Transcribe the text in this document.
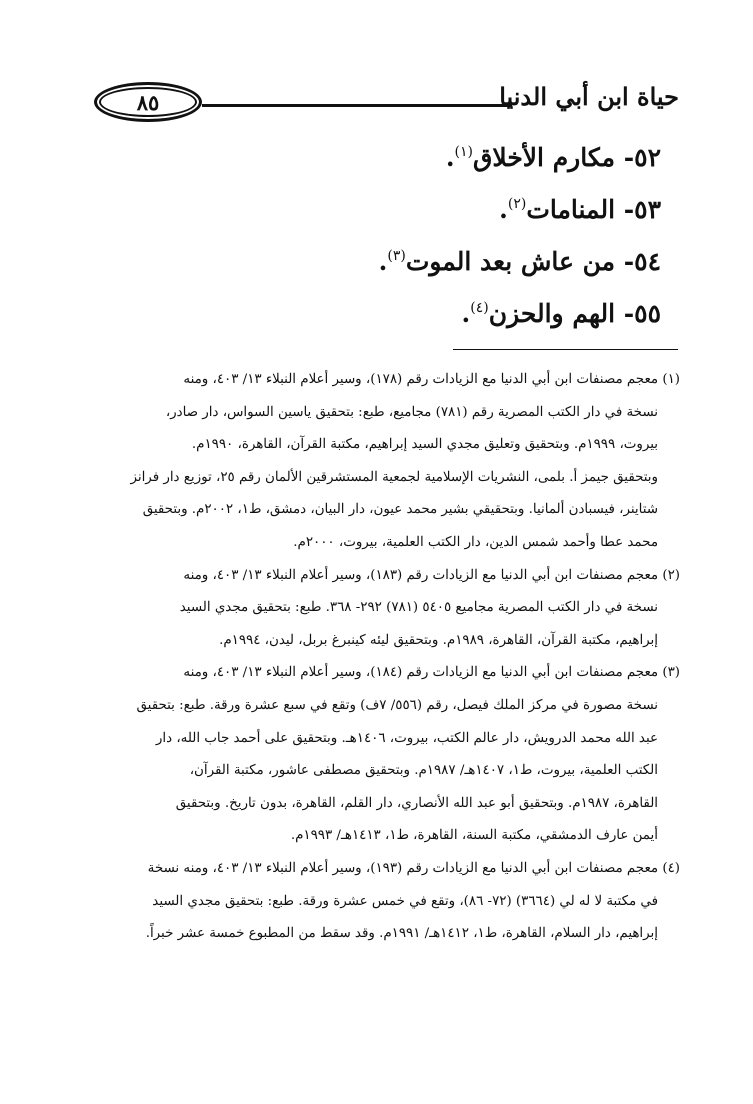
٨٥	حياة ابن أبي الدنيا
٥٢- مكارم الأخلاق$^{(١)}$.
٥٣- المنامات$^{(٢)}$.
٥٤- من عاش بعد الموت$^{(٣)}$.
٥٥- الهم والحزن$^{(٤)}$.
(١) معجم مصنفات ابن أبي الدنيا مع الزيادات رقم (١٧٨)، وسير أعلام النبلاء ١٣/ ٤٠٣، ومنه
نسخة في دار الكتب المصرية رقم (٧٨١) مجاميع، طبع: بتحقيق ياسين السواس، دار صادر،
بيروت، ١٩٩٩م. وبتحقيق وتعليق مجدي السيد إبراهيم، مكتبة القرآن، القاهرة، ١٩٩٠م.
وبتحقيق جيمز أ. بلمى، النشريات الإسلامية لجمعية المستشرقين الألمان رقم ٢٥، توزيع دار فرانز
شتاينر، فيسبادن ألمانيا. وبتحقيقي بشير محمد عيون، دار البيان، دمشق، ط١، ٢٠٠٢م. وبتحقيق
محمد عطا وأحمد شمس الدين، دار الكتب العلمية، بيروت، ٢٠٠٠م.
(٢) معجم مصنفات ابن أبي الدنيا مع الزيادات رقم (١٨٣)، وسير أعلام النبلاء ١٣/ ٤٠٣، ومنه
نسخة في دار الكتب المصرية مجاميع ٥٤٠٥ (٧٨١) ٢٩٢- ٣٦٨. طبع: بتحقيق مجدي السيد
إبراهيم، مكتبة القرآن، القاهرة، ١٩٨٩م. وبتحقيق ليئه كينبرغ بربل، ليدن، ١٩٩٤م.
(٣) معجم مصنفات ابن أبي الدنيا مع الزيادات رقم (١٨٤)، وسير أعلام النبلاء ١٣/ ٤٠٣، ومنه
نسخة مصورة في مركز الملك فيصل، رقم (٥٥٦/ ٧ف) وتقع في سبع عشرة ورقة. طبع: بتحقيق
عبد الله محمد الدرويش، دار عالم الكتب، بيروت، ١٤٠٦هـ. وبتحقيق على أحمد جاب الله، دار
الكتب العلمية، بيروت، ط١، ١٤٠٧هـ/ ١٩٨٧م. وبتحقيق مصطفى عاشور، مكتبة القرآن،
القاهرة، ١٩٨٧م. وبتحقيق أبو عبد الله الأنصاري، دار القلم، القاهرة، بدون تاريخ. وبتحقيق
أيمن عارف الدمشقي، مكتبة السنة، القاهرة، ط١، ١٤١٣هـ/ ١٩٩٣م.
(٤) معجم مصنفات ابن أبي الدنيا مع الزيادات رقم (١٩٣)، وسير أعلام النبلاء ١٣/ ٤٠٣، ومنه نسخة
في مكتبة لا له لي (٣٦٦٤) (٧٢- ٨٦)، وتقع في خمس عشرة ورقة. طبع: بتحقيق مجدي السيد
إبراهيم، دار السلام، القاهرة، ط١، ١٤١٢هـ/ ١٩٩١م. وقد سقط من المطبوع خمسة عشر خبراً.
